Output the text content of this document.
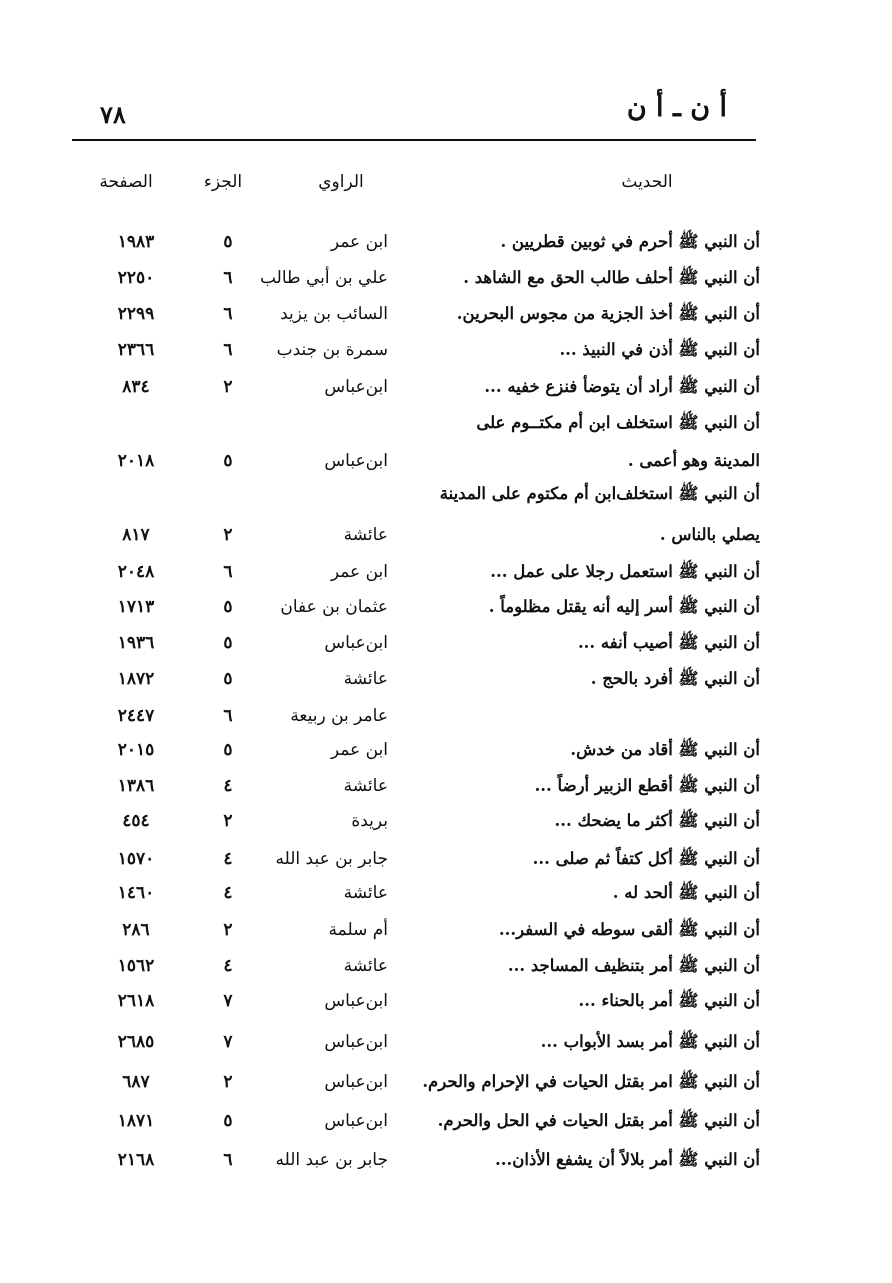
أ ن ـ أ ن
٧٨
الحديث
الراوي
الجزء
الصفحة
أن النبي ﷺ أحرم في ثوبين قطريين .
ابن عمر
٥
١٩٨٣
أن النبي ﷺ أحلف طالب الحق مع الشاهد .
علي بن أبي طالب
٦
٢٢٥٠
أن النبي ﷺ أخذ الجزية من مجوس البحرين.
السائب بن يزيد
٦
٢٢٩٩
أن النبي ﷺ أذن في النبيذ ...
سمرة بن جندب
٦
٢٣٦٦
أن النبي ﷺ أراد أن يتوضأ فنزع خفيه ...
ابن‌عباس
٢
٨٣٤
أن النبي ﷺ استخلف ابن أم مكتــوم على
المدينة وهو أعمى .
ابن‌عباس
٥
٢٠١٨
أن النبي ﷺ استخلف‌ابن أم مكتوم على المدينة
يصلي بالناس .
عائشة
٢
٨١٧
أن النبي ﷺ استعمل رجلا على عمل ...
ابن عمر
٦
٢٠٤٨
أن النبي ﷺ أسر إليه أنه يقتل مظلوماً .
عثمان بن عفان
٥
١٧١٣
أن النبي ﷺ أصيب أنفه ...
ابن‌عباس
٥
١٩٣٦
أن النبي ﷺ أفرد بالحج .
عائشة
٥
١٨٧٢
عامر بن ربيعة
٦
٢٤٤٧
أن النبي ﷺ أقاد من خدش.
ابن عمر
٥
٢٠١٥
أن النبي ﷺ أقطع الزبير أرضاً ...
عائشة
٤
١٣٨٦
أن النبي ﷺ أكثر ما يضحك ...
بريدة
٢
٤٥٤
أن النبي ﷺ أكل كتفاً ثم صلى ...
جابر بن عبد الله
٤
١٥٧٠
أن النبي ﷺ ألحد له .
عائشة
٤
١٤٦٠
أن النبي ﷺ ألقى سوطه في السفر...
أم سلمة
٢
٢٨٦
أن النبي ﷺ أمر بتنظيف المساجد ...
عائشة
٤
١٥٦٢
أن النبي ﷺ أمر بالحناء ...
ابن‌عباس
٧
٢٦١٨
أن النبي ﷺ أمر بسد الأبواب ...
ابن‌عباس
٧
٢٦٨٥
أن النبي ﷺ امر بقتل الحيات في الإحرام والحرم.
ابن‌عباس
٢
٦٨٧
أن النبي ﷺ أمر بقتل الحيات في الحل والحرم.
ابن‌عباس
٥
١٨٧١
أن النبي ﷺ أمر بلالاً أن يشفع الأذان...
جابر بن عبد الله
٦
٢١٦٨
